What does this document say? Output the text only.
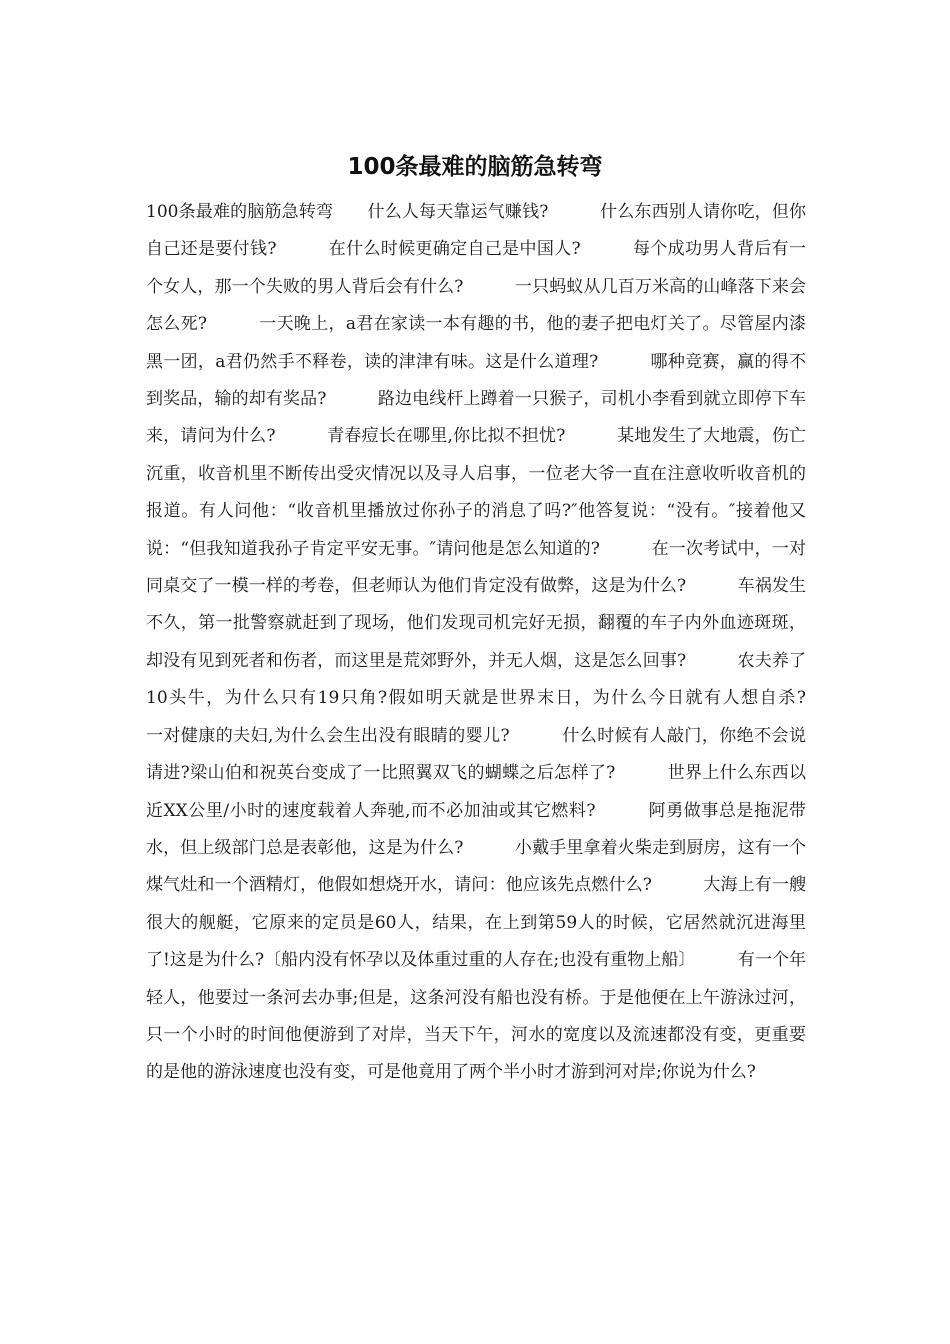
100条最难的脑筋急转弯

100条最难的脑筋急转弯　　什么人每天靠运气赚钱?　　　什么东西别人请你吃，但你自己还是要付钱?　　　在什么时候更确定自己是中国人?　　　每个成功男人背后有一个女人，那一个失败的男人背后会有什么?　　　一只蚂蚁从几百万米高的山峰落下来会怎么死?　　　一天晚上，a君在家读一本有趣的书，他的妻子把电灯关了。尽管屋内漆黑一团，a君仍然手不释卷，读的津津有味。这是什么道理?　　　哪种竞赛，赢的得不到奖品，输的却有奖品?　　　路边电线杆上蹲着一只猴子，司机小李看到就立即停下车来，请问为什么?　　　青春痘长在哪里,你比拟不担忧?　　　某地发生了大地震，伤亡沉重，收音机里不断传出受灾情况以及寻人启事，一位老大爷一直在注意收听收音机的报道。有人问他：“收音机里播放过你孙子的消息了吗?″他答复说：“没有。″接着他又说：“但我知道我孙子肯定平安无事。″请问他是怎么知道的?　　　在一次考试中，一对同桌交了一模一样的考卷，但老师认为他们肯定没有做弊，这是为什么?　　　车祸发生不久，第一批警察就赶到了现场，他们发现司机完好无损，翻覆的车子内外血迹斑斑，却没有见到死者和伤者，而这里是荒郊野外，并无人烟，这是怎么回事?　　　农夫养了10头牛，为什么只有19只角?假如明天就是世界末日，为什么今日就有人想自杀?　　　一对健康的夫妇,为什么会生出没有眼睛的婴儿?　　　什么时候有人敲门，你绝不会说请进?梁山伯和祝英台变成了一比照翼双飞的蝴蝶之后怎样了?　　　世界上什么东西以近XX公里/小时的速度载着人奔驰,而不必加油或其它燃料?　　　阿勇做事总是拖泥带水，但上级部门总是表彰他，这是为什么?　　　小戴手里拿着火柴走到厨房，这有一个煤气灶和一个酒精灯，他假如想烧开水，请问：他应该先点燃什么?　　　大海上有一艘很大的舰艇，它原来的定员是60人，结果，在上到第59人的时候，它居然就沉进海里了!这是为什么?〔船内没有怀孕以及体重过重的人存在;也没有重物上船〕　　　有一个年轻人，他要过一条河去办事;但是，这条河没有船也没有桥。于是他便在上午游泳过河，只一个小时的时间他便游到了对岸，当天下午，河水的宽度以及流速都没有变，更重要的是他的游泳速度也没有变，可是他竟用了两个半小时才游到河对岸;你说为什么?
